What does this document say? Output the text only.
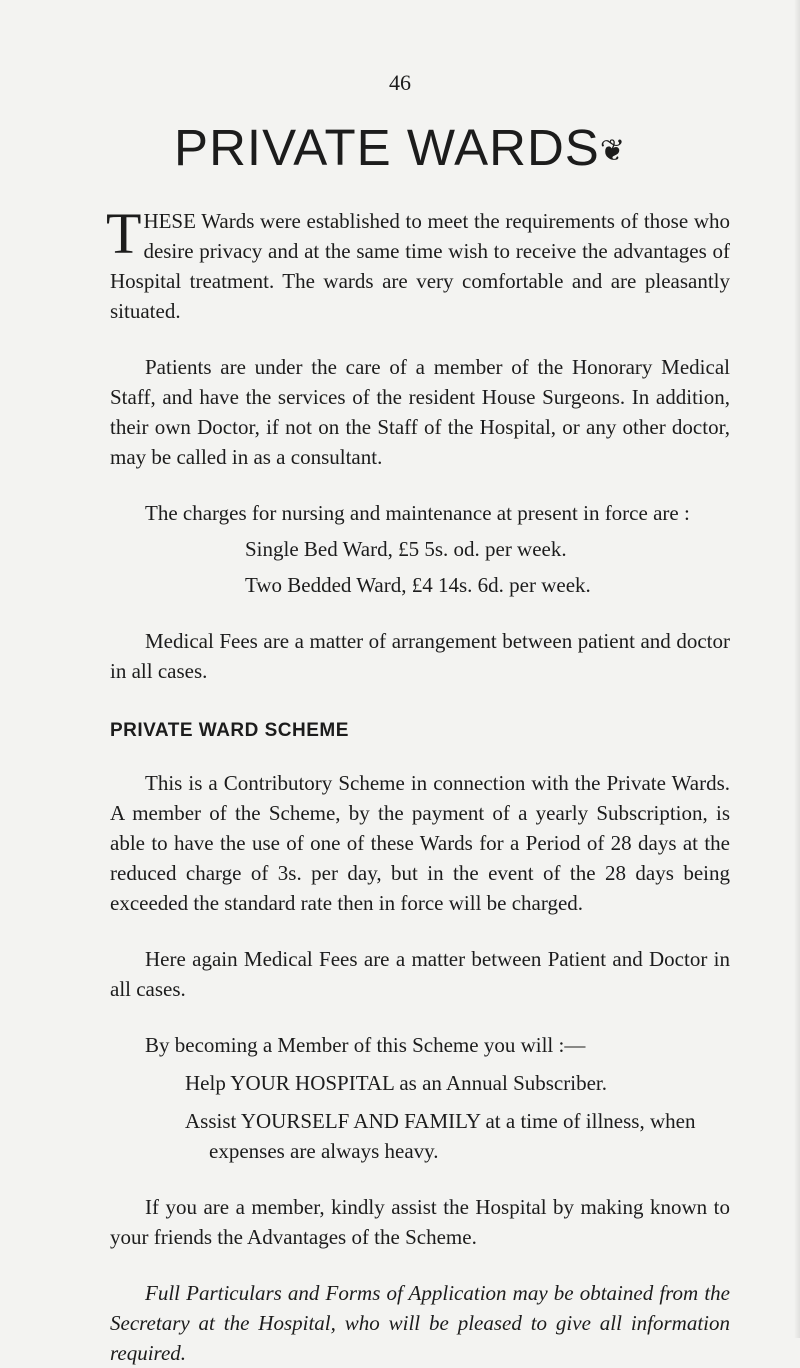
46
PRIVATE WARDS❦

THESE Wards were established to meet the requirements of those who desire privacy and at the same time wish to receive the advantages of Hospital treatment. The wards are very comfortable and are pleasantly situated.

Patients are under the care of a member of the Honorary Medical Staff, and have the services of the resident House Surgeons. In addition, their own Doctor, if not on the Staff of the Hospital, or any other doctor, may be called in as a consultant.

The charges for nursing and maintenance at present in force are :

Single Bed Ward, £5 5s. od. per week.

Two Bedded Ward, £4 14s. 6d. per week.

Medical Fees are a matter of arrangement between patient and doctor in all cases.

PRIVATE WARD SCHEME

This is a Contributory Scheme in connection with the Private Wards. A member of the Scheme, by the payment of a yearly Subscription, is able to have the use of one of these Wards for a Period of 28 days at the reduced charge of 3s. per day, but in the event of the 28 days being exceeded the standard rate then in force will be charged.

Here again Medical Fees are a matter between Patient and Doctor in all cases.

By becoming a Member of this Scheme you will :—

Help YOUR HOSPITAL as an Annual Subscriber.

Assist YOURSELF AND FAMILY at a time of illness, when expenses are always heavy.

If you are a member, kindly assist the Hospital by making known to your friends the Advantages of the Scheme.

Full Particulars and Forms of Application may be obtained from the Secretary at the Hospital, who will be pleased to give all information required.
